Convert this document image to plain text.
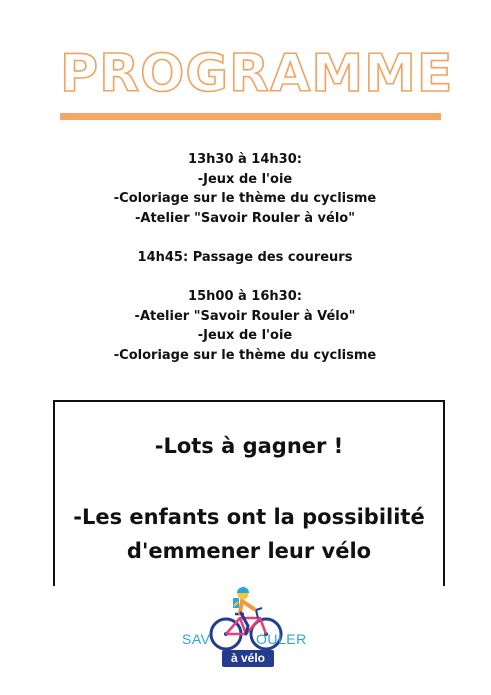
PROGRAMME
13h30 à 14h30:
-Jeux de l'oie
-Coloriage sur le thème du cyclisme
-Atelier "Savoir Rouler à vélo"
14h45: Passage des coureurs
15h00 à 16h30:
-Atelier "Savoir Rouler à Vélo"
-Jeux de l'oie
-Coloriage sur le thème du cyclisme
-Lots à gagner !
-Les enfants ont la possibilité
d'emmener leur vélo
SAV	OULER
à vélo
